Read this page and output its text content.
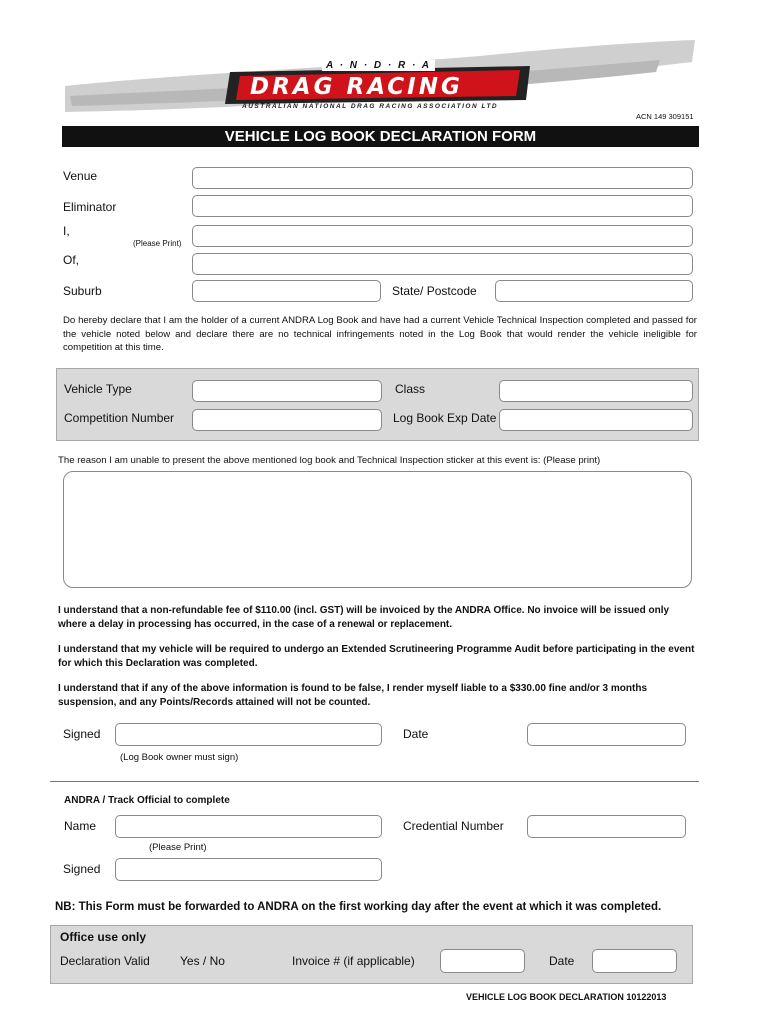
A · N · D · R · A
DRAG RACING
AUSTRALIAN NATIONAL DRAG RACING ASSOCIATION LTD
ACN 149 309151
VEHICLE LOG BOOK DECLARATION FORM
Venue
Eliminator
I,
(Please Print)
Of,
Suburb	State/ Postcode
Do hereby declare that I am the holder of a current ANDRA Log Book and have had a current Vehicle Technical Inspection completed and passed for the vehicle noted below and declare there are no technical infringements noted in the Log Book that would render the vehicle ineligible for competition at this time.
Vehicle Type	Class
Competition Number	Log Book Exp Date
The reason I am unable to present the above mentioned log book and Technical Inspection sticker at this event is: (Please print)
I understand that a non-refundable fee of $110.00 (incl. GST) will be invoiced by the ANDRA Office. No invoice will be issued only where a delay in processing has occurred, in the case of a renewal or replacement.
I understand that my vehicle will be required to undergo an Extended Scrutineering Programme Audit before participating in the event for which this Declaration was completed.
I understand that if any of the above information is found to be false, I render myself liable to a $330.00 fine and/or 3 months suspension, and any Points/Records attained will not be counted.
Signed	Date
(Log Book owner must sign)
ANDRA / Track Official to complete
Name	Credential Number
(Please Print)
Signed
NB: This Form must be forwarded to ANDRA on the first working day after the event at which it was completed.
Office use only
Declaration Valid	Yes / No	Invoice # (if applicable)	Date
VEHICLE LOG BOOK DECLARATION 10122013
